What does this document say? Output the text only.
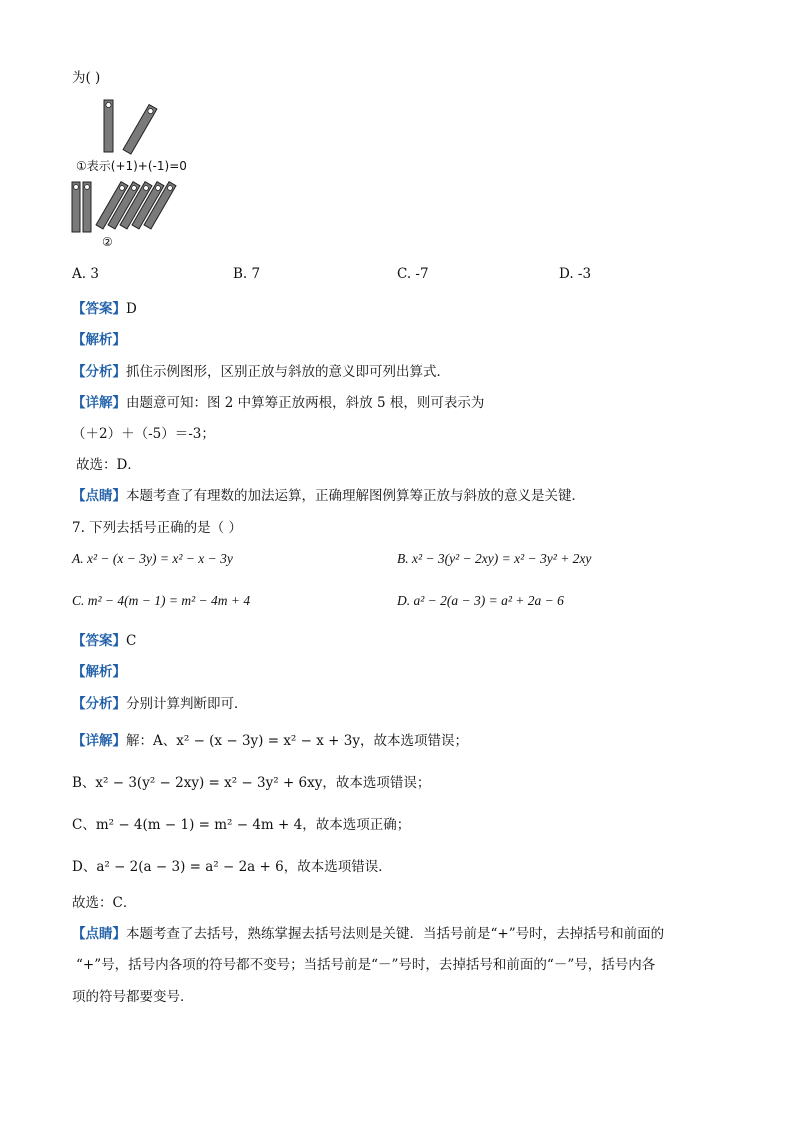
为( )
①表示(+1)+(-1)=0
②
A. 3	B. 7	C. -7	D. -3
【答案】D
【解析】
【分析】抓住示例图形，区别正放与斜放的意义即可列出算式．
【详解】由题意可知：图 2 中算筹正放两根，斜放 5 根，则可表示为
（＋2）＋（-5）＝-3；
故选：D．
【点睛】本题考查了有理数的加法运算，正确理解图例算筹正放与斜放的意义是关键．
7. 下列去括号正确的是（ ）
A. x² − (x − 3y) = x² − x − 3y	B. x² − 3(y² − 2xy) = x² − 3y² + 2xy
C. m² − 4(m − 1) = m² − 4m + 4	D. a² − 2(a − 3) = a² + 2a − 6
【答案】C
【解析】
【分析】分别计算判断即可．
【详解】解：A、x² − (x − 3y) = x² − x + 3y，故本选项错误；
B、x² − 3(y² − 2xy) = x² − 3y² + 6xy，故本选项错误；
C、m² − 4(m − 1) = m² − 4m + 4，故本选项正确；
D、a² − 2(a − 3) = a² − 2a + 6，故本选项错误．
故选：C．
【点睛】本题考查了去括号，熟练掌握去括号法则是关键．当括号前是“+”号时，去掉括号和前面的
“+”号，括号内各项的符号都不变号；当括号前是“－”号时，去掉括号和前面的“－”号，括号内各
项的符号都要变号．
